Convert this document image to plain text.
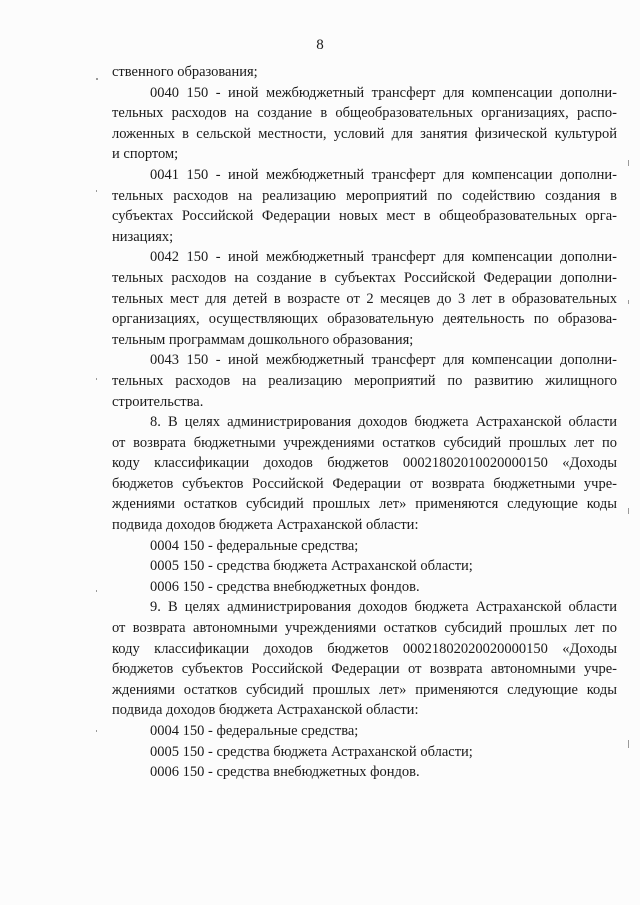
8

ственного образования;

0040 150 - иной межбюджетный трансферт для компенсации дополни-
тельных расходов на создание в общеобразовательных организациях, распо-
ложенных в сельской местности, условий для занятия физической культурой
и спортом;

0041 150 - иной межбюджетный трансферт для компенсации дополни-
тельных расходов на реализацию мероприятий по содействию создания в
субъектах Российской Федерации новых мест в общеобразовательных орга-
низациях;

0042 150 - иной межбюджетный трансферт для компенсации дополни-
тельных расходов на создание в субъектах Российской Федерации дополни-
тельных мест для детей в возрасте от 2 месяцев до 3 лет в образовательных
организациях, осуществляющих образовательную деятельность по образова-
тельным программам дошкольного образования;

0043 150 - иной межбюджетный трансферт для компенсации дополни-
тельных расходов на реализацию мероприятий по развитию жилищного
строительства.

8. В целях администрирования доходов бюджета Астраханской области
от возврата бюджетными учреждениями остатков субсидий прошлых лет по
коду классификации доходов бюджетов 00021802010020000150 «Доходы
бюджетов субъектов Российской Федерации от возврата бюджетными учре-
ждениями остатков субсидий прошлых лет» применяются следующие коды
подвида доходов бюджета Астраханской области:

0004 150 - федеральные средства;

0005 150 - средства бюджета Астраханской области;

0006 150 - средства внебюджетных фондов.

9. В целях администрирования доходов бюджета Астраханской области
от возврата автономными учреждениями остатков субсидий прошлых лет по
коду классификации доходов бюджетов 00021802020020000150 «Доходы
бюджетов субъектов Российской Федерации от возврата автономными учре-
ждениями остатков субсидий прошлых лет» применяются следующие коды
подвида доходов бюджета Астраханской области:

0004 150 - федеральные средства;

0005 150 - средства бюджета Астраханской области;

0006 150 - средства внебюджетных фондов.
